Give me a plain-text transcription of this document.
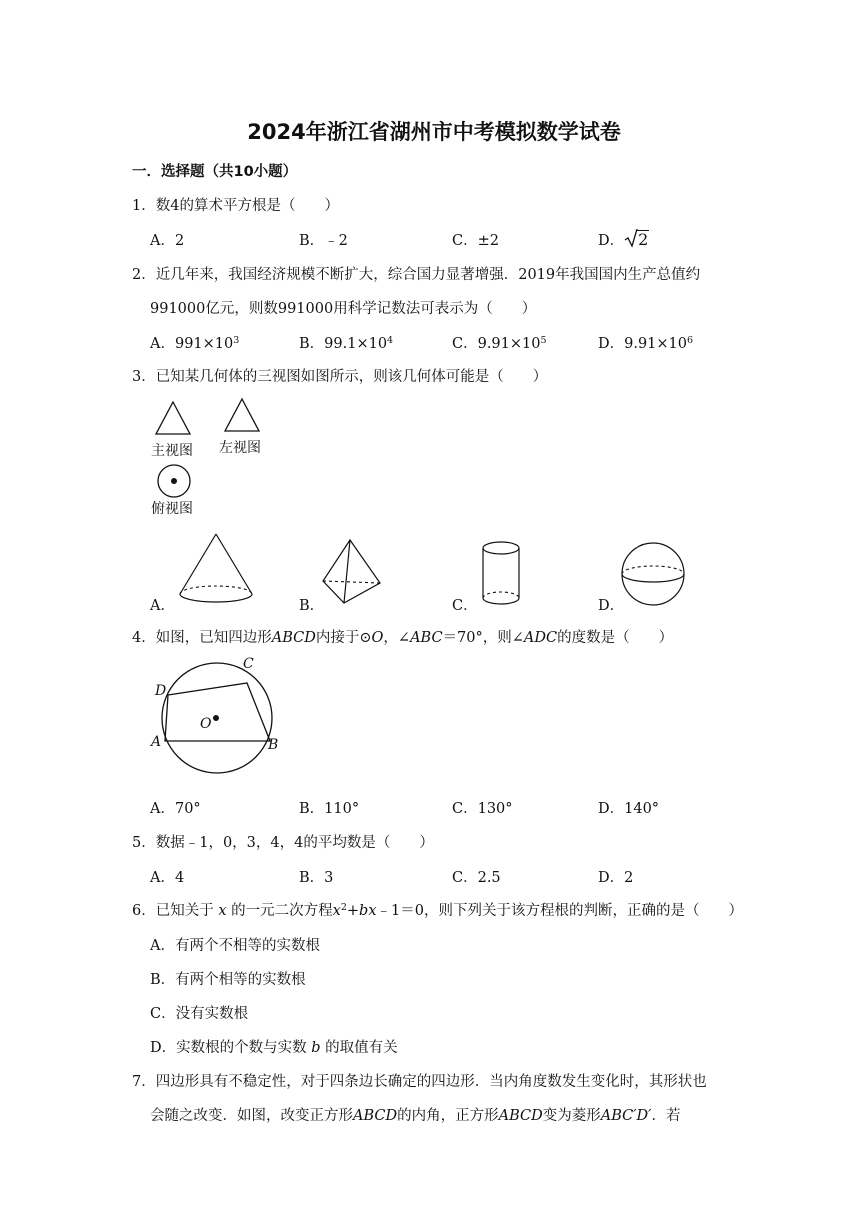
2024年浙江省湖州市中考模拟数学试卷
一．选择题（共10小题）
1．数4的算术平方根是（　　）
A．2	B．﹣2	C．±2	D． 2
2．近几年来，我国经济规模不断扩大，综合国力显著增强．2019年我国国内生产总值约
991000亿元，则数991000用科学记数法可表示为（　　）
A．$991\times 10^3$	B．$99.1\times 10^4$	C．$9.91\times 10^5$	D．$9.91\times 10^6$
3．已知某几何体的三视图如图所示，则该几何体可能是（　　）
主视图 左视图
俯视图
A．	B．	C．	D．
4．如图，已知四边形ABCD内接于⊙O，∠ABC＝70°，则∠ADC的度数是（　　）
D
C
O
A	B
A．70°	B．110°	C．130°	D．140°
5．数据﹣1，0，3，4，4的平均数是（　　）
A．4	B．3	C．2.5	D．2
6．已知关于 x 的一元二次方程$x^2+bx﹣1=0$，则下列关于该方程根的判断，正确的是（　　）
A．有两个不相等的实数根
B．有两个相等的实数根
C．没有实数根
D．实数根的个数与实数 b 的取值有关
7．四边形具有不稳定性，对于四条边长确定的四边形．当内角度数发生变化时，其形状也
会随之改变．如图，改变正方形ABCD的内角，正方形ABCD变为菱形ABC′D′．若
